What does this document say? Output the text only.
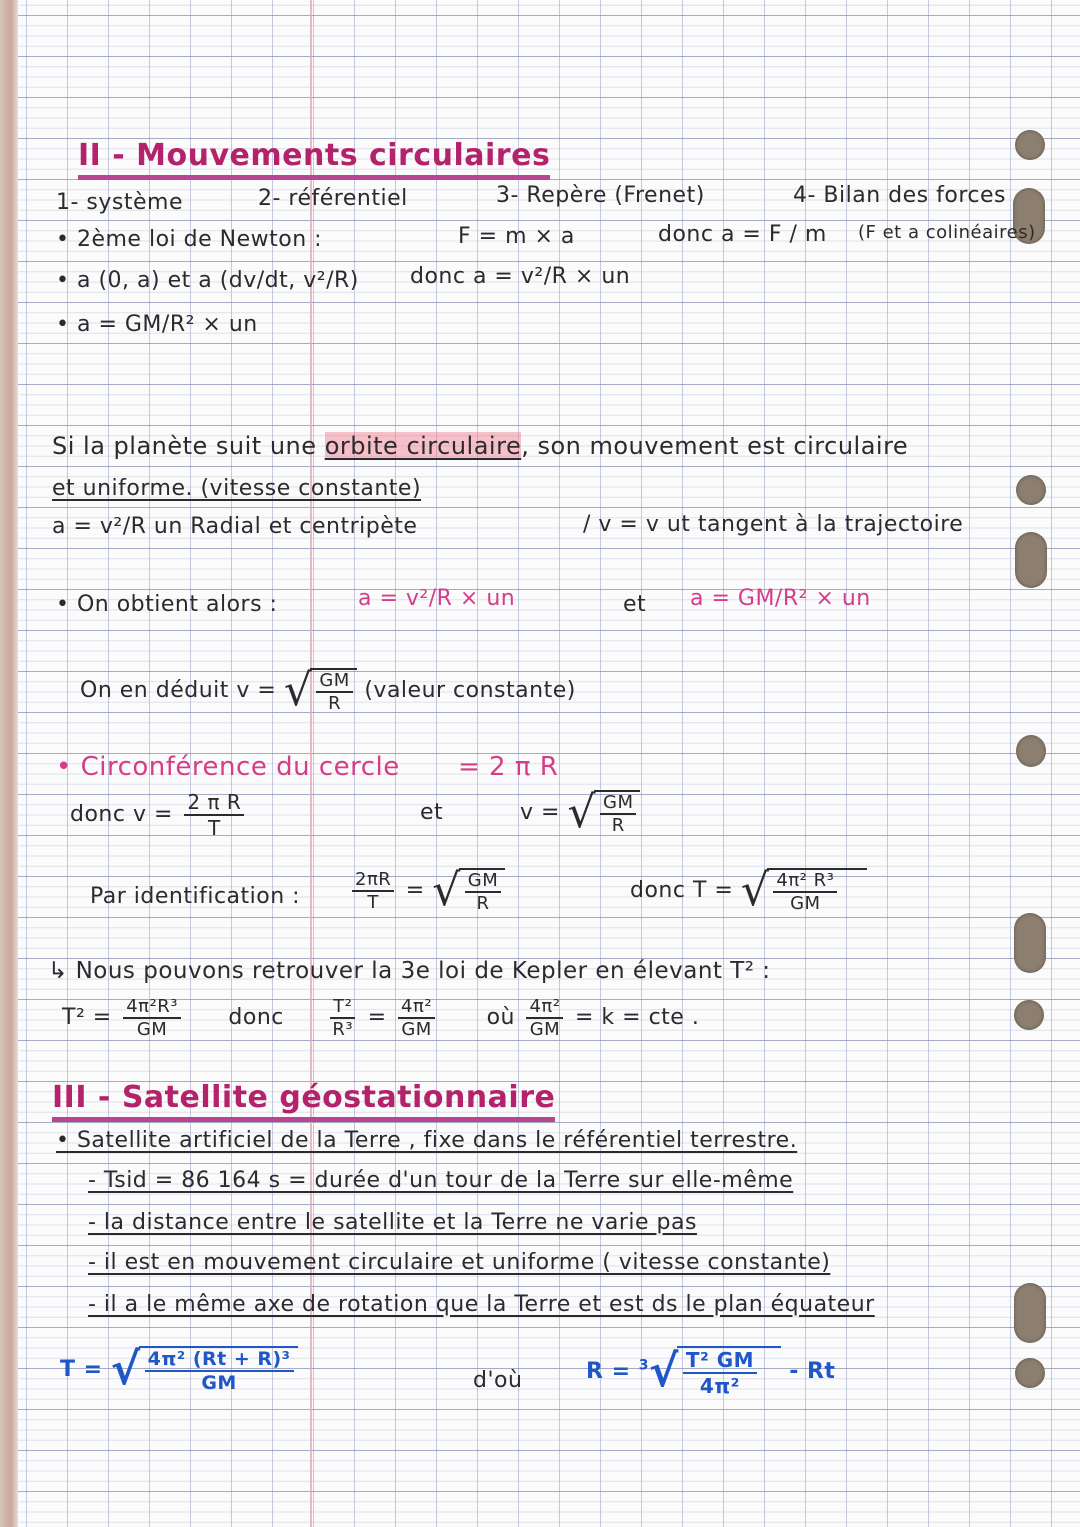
II - Mouvements circulaires
1- système	2- référentiel	3- Repère (Frenet)	4- Bilan des forces
• 2ème loi de Newton :	F = m × a	donc a = F / m (F et a colinéaires)
• a (0, a) et a (dv/dt, v²/R) donc a = v²/R × un
• a = GM/R² × un
Si la planète suit une orbite circulaire, son mouvement est circulaire
et uniforme. (vitesse constante)
a = v²/R un Radial et centripète	/ v = v ut tangent à la trajectoire
• On obtient alors :	a = v²/R × un	et a = GM/R² × un
On en déduit v = √ $\frac{GM}{R}$ (valeur constante)
• Circonférence du cercle = 2 π R
donc $v = \frac{\text{2 π R}}{T}$	et	v = √ $\frac{GM}{R}$
Par identification :	$\frac{2\pi R}{T}$ = √ $\frac{GM}{R}$	donc T = √ $\frac{\text{4π² R³}}{GM}$
↳ Nous pouvons retrouver la 3e loi de Kepler en élevant T² :
$T^2 = \frac{\text{4π²R³}}{GM}$ donc	$\frac{\text{T²}}{\text{R³}} = \frac{\text{4π²}}{GM}$ où $\frac{\text{4π²}}{GM} = k$ = cte .
III - Satellite géostationnaire
• Satellite artificiel de la Terre , fixe dans le référentiel terrestre.
- Tsid = 86 164 s = durée d'un tour de la Terre sur elle-même
- la distance entre le satellite et la Terre ne varie pas
- il est en mouvement circulaire et uniforme ( vitesse constante)
- il a le même axe de rotation que la Terre et est ds le plan équateur
T = √ $\frac{\text{4π² (Rt + R)³}}{GM}$	d'où	R = $^3$ √ $\frac{\text{T² GM}}{\text{4π²}}$ - Rt
